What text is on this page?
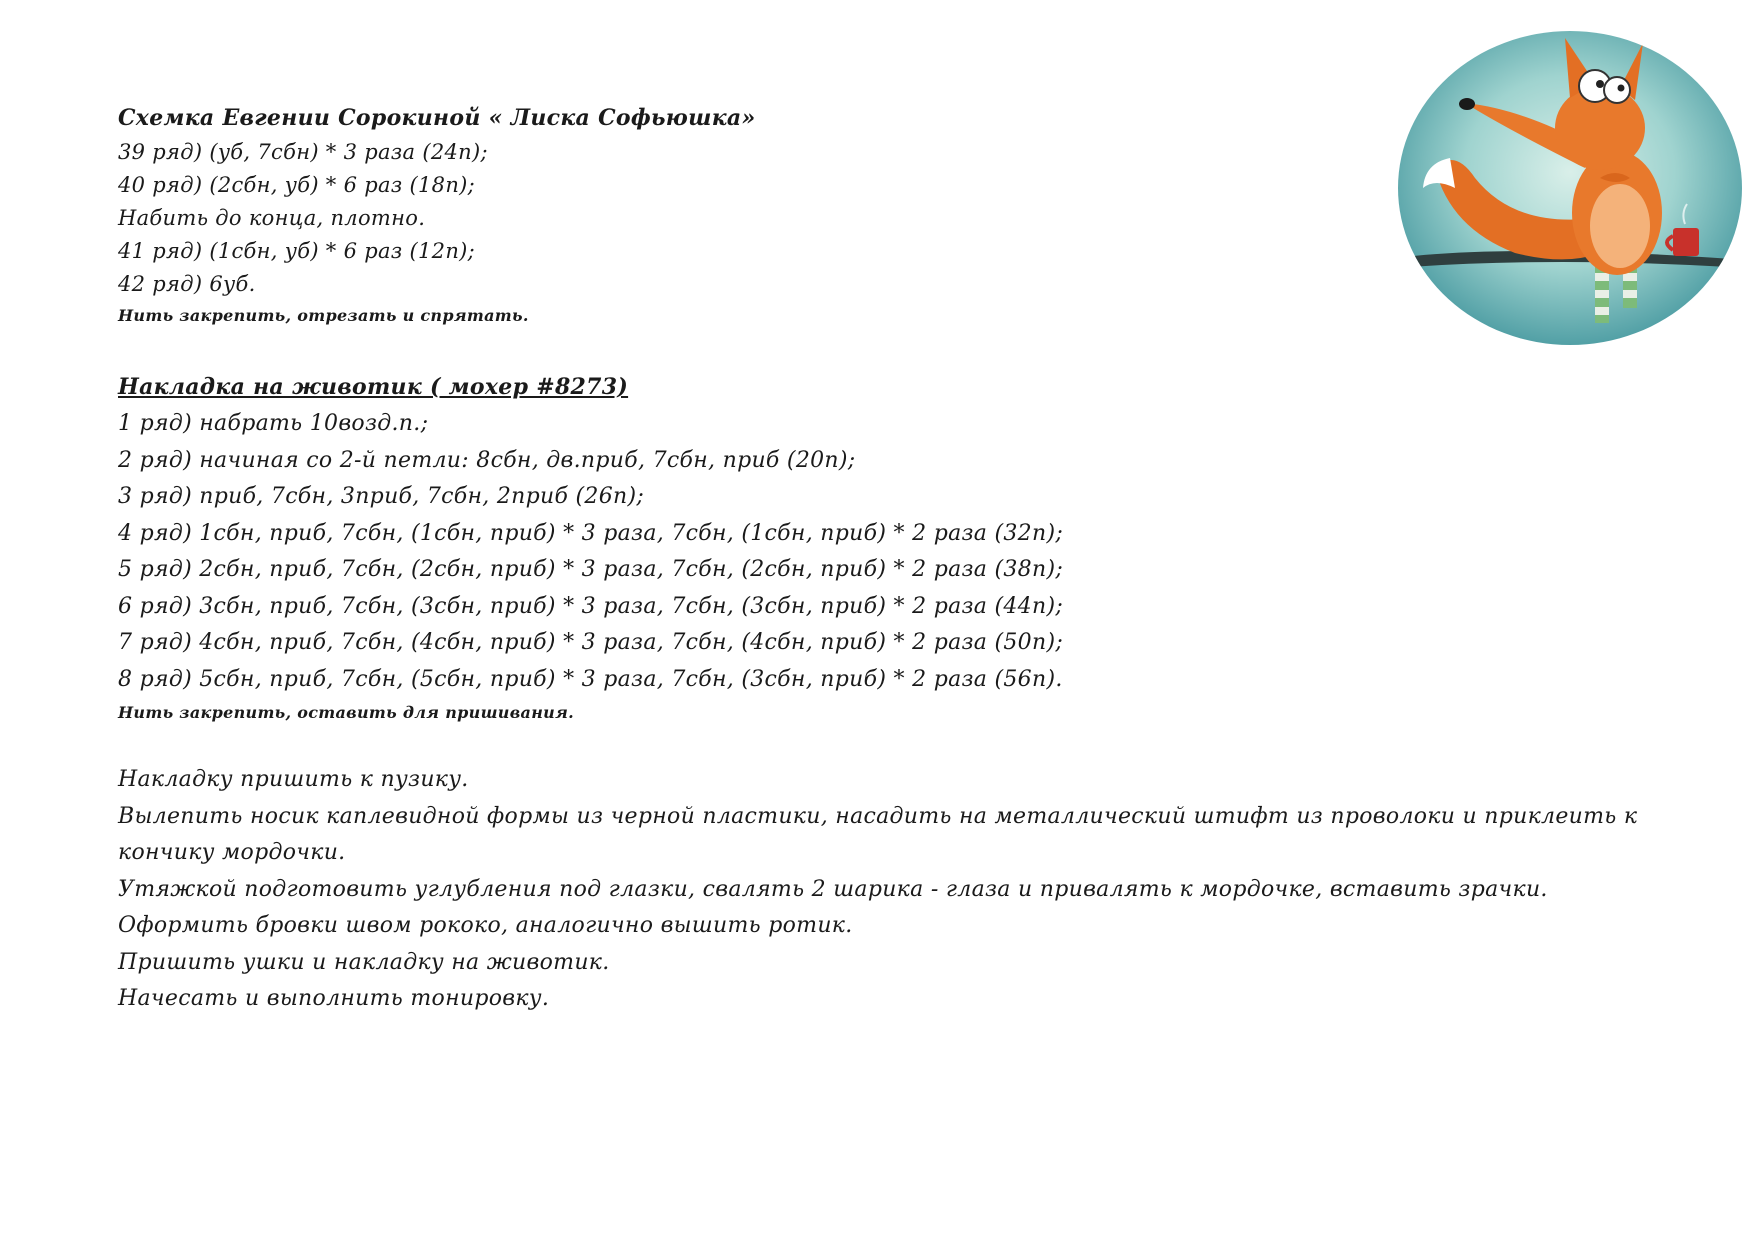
Схемка Евгении Сорокиной « Лиска Софьюшка»
39 ряд) (уб, 7сбн) * 3 раза (24п);
40 ряд) (2сбн, уб) * 6 раз (18п);
Набить до конца, плотно.
41 ряд) (1сбн, уб) * 6 раз (12п);
42 ряд) 6уб.
Нить закрепить, отрезать и спрятать.
Накладка на животик ( мохер #8273)
1 ряд) набрать 10возд.п.;
2 ряд) начиная со 2-й петли: 8сбн, дв.приб, 7сбн, приб (20п);
3 ряд) приб, 7сбн, 3приб, 7сбн, 2приб (26п);
4 ряд) 1сбн, приб, 7сбн, (1сбн, приб) * 3 раза, 7сбн, (1сбн, приб) * 2 раза (32п);
5 ряд) 2сбн, приб, 7сбн, (2сбн, приб) * 3 раза, 7сбн, (2сбн, приб) * 2 раза (38п);
6 ряд) 3сбн, приб, 7сбн, (3сбн, приб) * 3 раза, 7сбн, (3сбн, приб) * 2 раза (44п);
7 ряд) 4сбн, приб, 7сбн, (4сбн, приб) * 3 раза, 7сбн, (4сбн, приб) * 2 раза (50п);
8 ряд) 5сбн, приб, 7сбн, (5сбн, приб) * 3 раза, 7сбн, (3сбн, приб) * 2 раза (56п).
Нить закрепить, оставить для пришивания.
Накладку пришить к пузику.
Вылепить носик каплевидной формы из черной пластики, насадить на металлический штифт из проволоки и приклеить к кончику мордочки.
Утяжкой подготовить углубления под глазки, свалять 2 шарика - глаза и привалять к мордочке, вставить зрачки.
Оформить бровки швом рококо, аналогично вышить ротик.
Пришить ушки и накладку на животик.
Начесать и выполнить тонировку.
